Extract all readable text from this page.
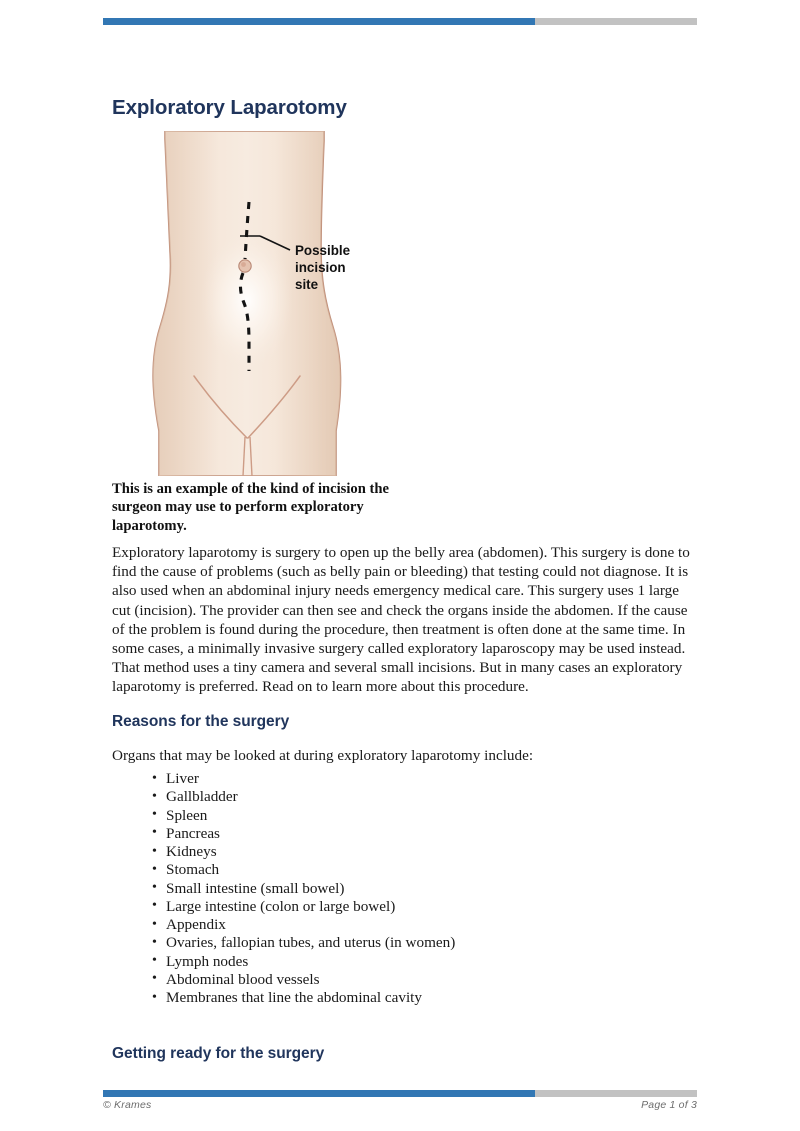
Exploratory Laparotomy
Possible
incision
site
This is an example of the kind of incision the surgeon may use to perform exploratory laparotomy.

Exploratory laparotomy is surgery to open up the belly area (abdomen). This surgery is done to find the cause of problems (such as belly pain or bleeding) that testing could not diagnose. It is also used when an abdominal injury needs emergency medical care. This surgery uses 1 large cut (incision). The provider can then see and check the organs inside the abdomen. If the cause of the problem is found during the procedure, then treatment is often done at the same time. In some cases, a minimally invasive surgery called exploratory laparoscopy may be used instead. That method uses a tiny camera and several small incisions. But in many cases an exploratory laparotomy is preferred. Read on to learn more about this procedure.

Reasons for the surgery

Organs that may be looked at during exploratory laparotomy include:

• Liver
• Gallbladder
• Spleen
• Pancreas
• Kidneys
• Stomach
• Small intestine (small bowel)
• Large intestine (colon or large bowel)
• Appendix
• Ovaries, fallopian tubes, and uterus (in women)
• Lymph nodes
• Abdominal blood vessels
• Membranes that line the abdominal cavity
Getting ready for the surgery
© Krames	Page 1 of 3
